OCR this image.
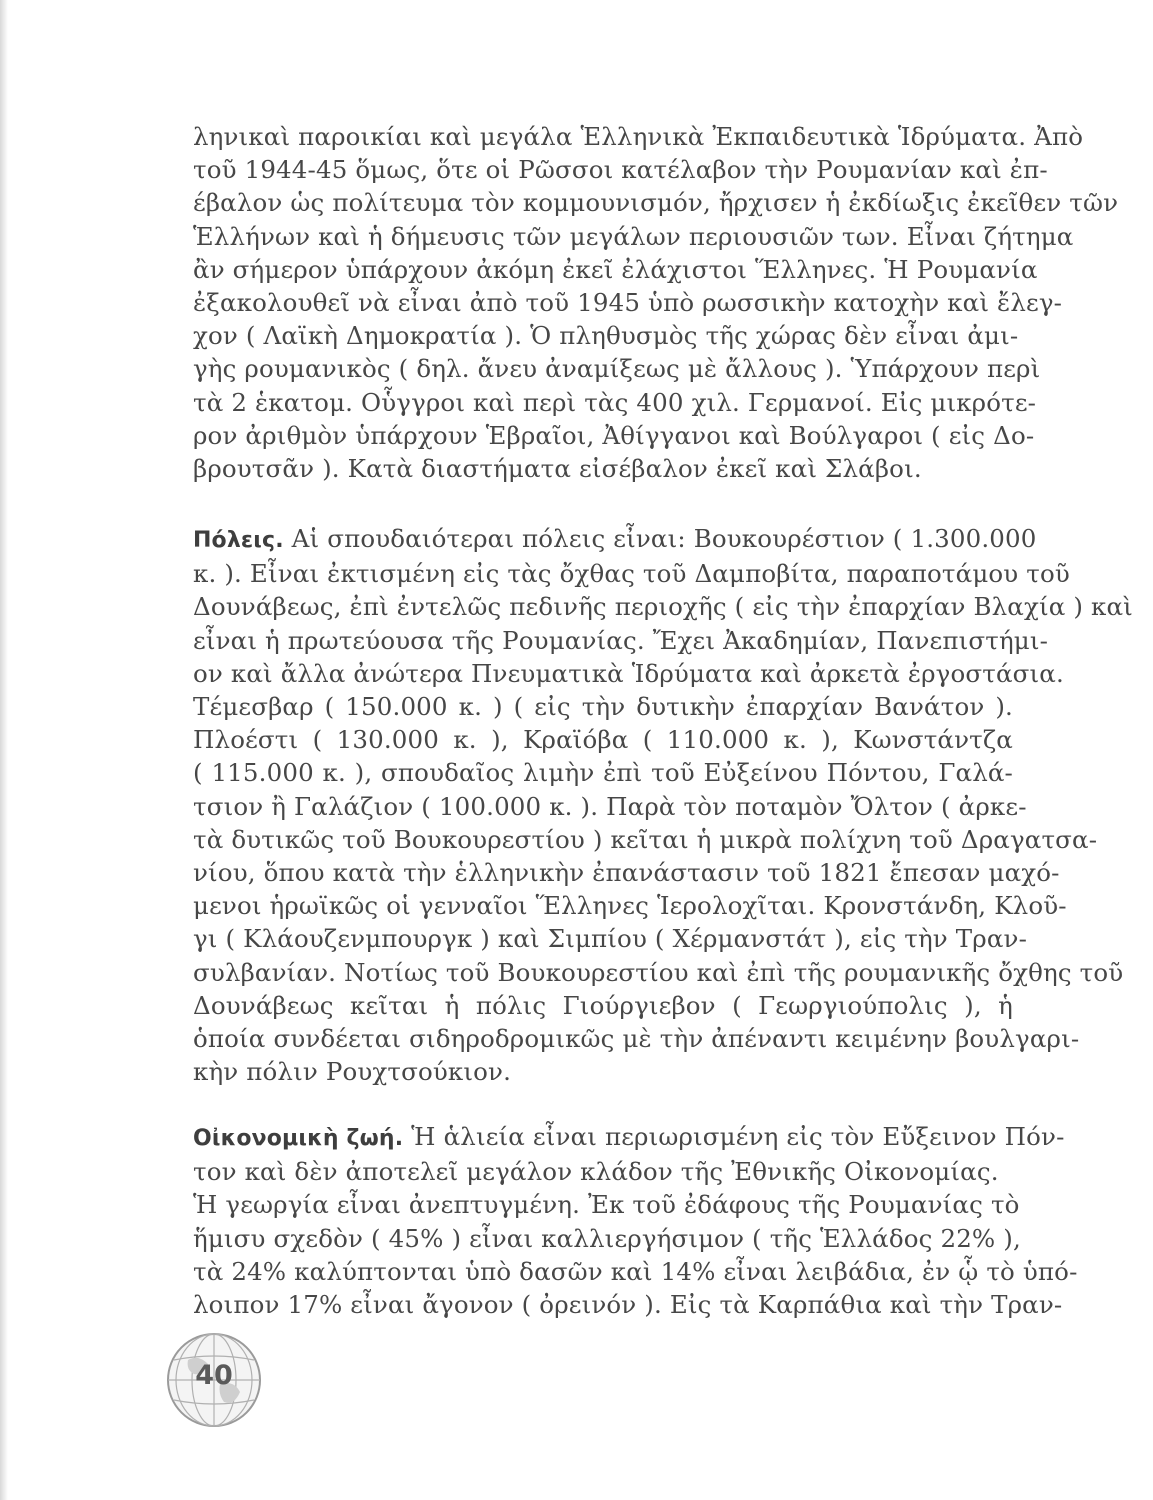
ληνικαὶ παροικίαι καὶ μεγάλα Ἑλληνικὰ Ἐκπαιδευτικὰ Ἱδρύματα. Ἀπὸ
τοῦ 1944-45 ὅμως, ὅτε οἱ Ρῶσσοι κατέλαβον τὴν Ρουμανίαν καὶ ἐπ-
έβαλον ὡς πολίτευμα τὸν κομμουνισμόν, ἤρχισεν ἡ ἐκδίωξις ἐκεῖθεν τῶν
Ἑλλήνων καὶ ἡ δήμευσις τῶν μεγάλων περιουσιῶν των. Εἶναι ζήτημα
ἂν σήμερον ὑπάρχουν ἀκόμη ἐκεῖ ἐλάχιστοι Ἕλληνες. Ἡ Ρουμανία
ἐξακολουθεῖ νὰ εἶναι ἀπὸ τοῦ 1945 ὑπὸ ρωσσικὴν κατοχὴν καὶ ἔλεγ-
χον ( Λαϊκὴ Δημοκρατία ). Ὁ πληθυσμὸς τῆς χώρας δὲν εἶναι ἀμι-
γὴς ρουμανικὸς ( δηλ. ἄνευ ἀναμίξεως μὲ ἄλλους ). Ὑπάρχουν περὶ
τὰ 2 ἑκατομ. Οὗγγροι καὶ περὶ τὰς 400 χιλ. Γερμανοί. Εἰς μικρότε-
ρον ἀριθμὸν ὑπάρχουν Ἑβραῖοι, Ἀθίγγανοι καὶ Βούλγαροι ( εἰς Δο-
βρουτσᾶν ). Κατὰ διαστήματα εἰσέβαλον ἐκεῖ καὶ Σλάβοι.
Πόλεις. Αἱ σπουδαιότεραι πόλεις εἶναι: Βουκουρέστιον ( 1.300.000
κ. ). Εἶναι ἐκτισμένη εἰς τὰς ὄχθας τοῦ Δαμποβίτα, παραποτάμου τοῦ
Δουνάβεως, ἐπὶ ἐντελῶς πεδινῆς περιοχῆς ( εἰς τὴν ἐπαρχίαν Βλαχία ) καὶ
εἶναι ἡ πρωτεύουσα τῆς Ρουμανίας. Ἔχει Ἀκαδημίαν, Πανεπιστήμι-
ον καὶ ἄλλα ἀνώτερα Πνευματικὰ Ἱδρύματα καὶ ἀρκετὰ ἐργοστάσια.
Τέμεσβαρ ( 150.000 κ. ) ( εἰς τὴν δυτικὴν ἐπαρχίαν Βανάτον ).
Πλοέστι ( 130.000 κ. ), Κραϊόβα ( 110.000 κ. ), Κωνστάντζα
( 115.000 κ. ), σπουδαῖος λιμὴν ἐπὶ τοῦ Εὐξείνου Πόντου, Γαλά-
τσιον ἢ Γαλάζιον ( 100.000 κ. ). Παρὰ τὸν ποταμὸν Ὄλτον ( ἀρκε-
τὰ δυτικῶς τοῦ Βουκουρεστίου ) κεῖται ἡ μικρὰ πολίχνη τοῦ Δραγατσα-
νίου, ὅπου κατὰ τὴν ἑλληνικὴν ἐπανάστασιν τοῦ 1821 ἔπεσαν μαχό-
μενοι ἡρωϊκῶς οἱ γενναῖοι Ἕλληνες Ἱερολοχῖται. Κρονστάνδη, Κλοῦ-
γι ( Κλάουζενμπουργκ ) καὶ Σιμπίου ( Χέρμανστάτ ), εἰς τὴν Τραν-
συλβανίαν. Νοτίως τοῦ Βουκουρεστίου καὶ ἐπὶ τῆς ρουμανικῆς ὄχθης τοῦ
Δουνάβεως κεῖται ἡ πόλις Γιούργιεβον ( Γεωργιούπολις ), ἡ
ὁποία συνδέεται σιδηροδρομικῶς μὲ τὴν ἀπέναντι κειμένην βουλγαρι-
κὴν πόλιν Ρουχτσούκιον.
Οἰκονομικὴ ζωή. Ἡ ἁλιεία εἶναι περιωρισμένη εἰς τὸν Εὔξεινον Πόν-
τον καὶ δὲν ἀποτελεῖ μεγάλον κλάδον τῆς Ἐθνικῆς Οἰκονομίας.
Ἡ γεωργία εἶναι ἀνεπτυγμένη. Ἐκ τοῦ ἐδάφους τῆς Ρουμανίας τὸ
ἥμισυ σχεδὸν ( 45% ) εἶναι καλλιεργήσιμον ( τῆς Ἑλλάδος 22% ),
τὰ 24% καλύπτονται ὑπὸ δασῶν καὶ 14% εἶναι λειβάδια, ἐν ᾧ τὸ ὑπό-
λοιπον 17% εἶναι ἄγονον ( ὀρεινόν ). Εἰς τὰ Καρπάθια καὶ τὴν Τραν-
40
